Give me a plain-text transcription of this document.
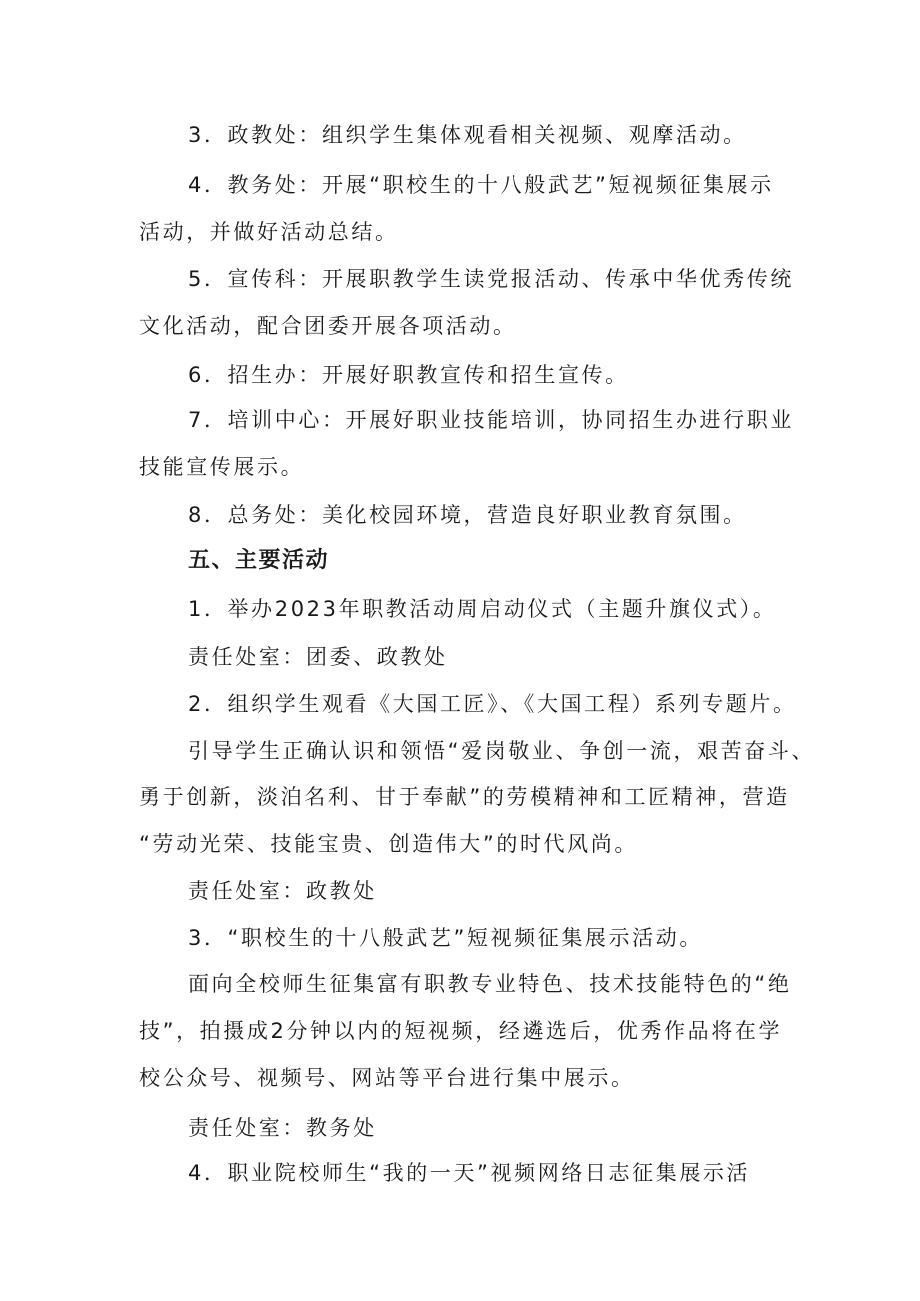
3．政教处：组织学生集体观看相关视频、观摩活动。
4．教务处：开展“职校生的十八般武艺”短视频征集展示
活动，并做好活动总结。
5．宣传科：开展职教学生读党报活动、传承中华优秀传统
文化活动，配合团委开展各项活动。
6．招生办：开展好职教宣传和招生宣传。
7．培训中心：开展好职业技能培训，协同招生办进行职业
技能宣传展示。
8．总务处：美化校园环境，营造良好职业教育氛围。
五、主要活动
1．举办2023年职教活动周启动仪式（主题升旗仪式）。
责任处室：团委、政教处
2．组织学生观看《大国工匠》、《大国工程）系列专题片。
引导学生正确认识和领悟“爱岗敬业、争创一流，艰苦奋斗、
勇于创新，淡泊名利、甘于奉献”的劳模精神和工匠精神，营造
“劳动光荣、技能宝贵、创造伟大”的时代风尚。
责任处室：政教处
3．“职校生的十八般武艺”短视频征集展示活动。
面向全校师生征集富有职教专业特色、技术技能特色的“绝
技”，拍摄成2分钟以内的短视频，经遴选后，优秀作品将在学
校公众号、视频号、网站等平台进行集中展示。
责任处室：教务处
4．职业院校师生“我的一天”视频网络日志征集展示活
